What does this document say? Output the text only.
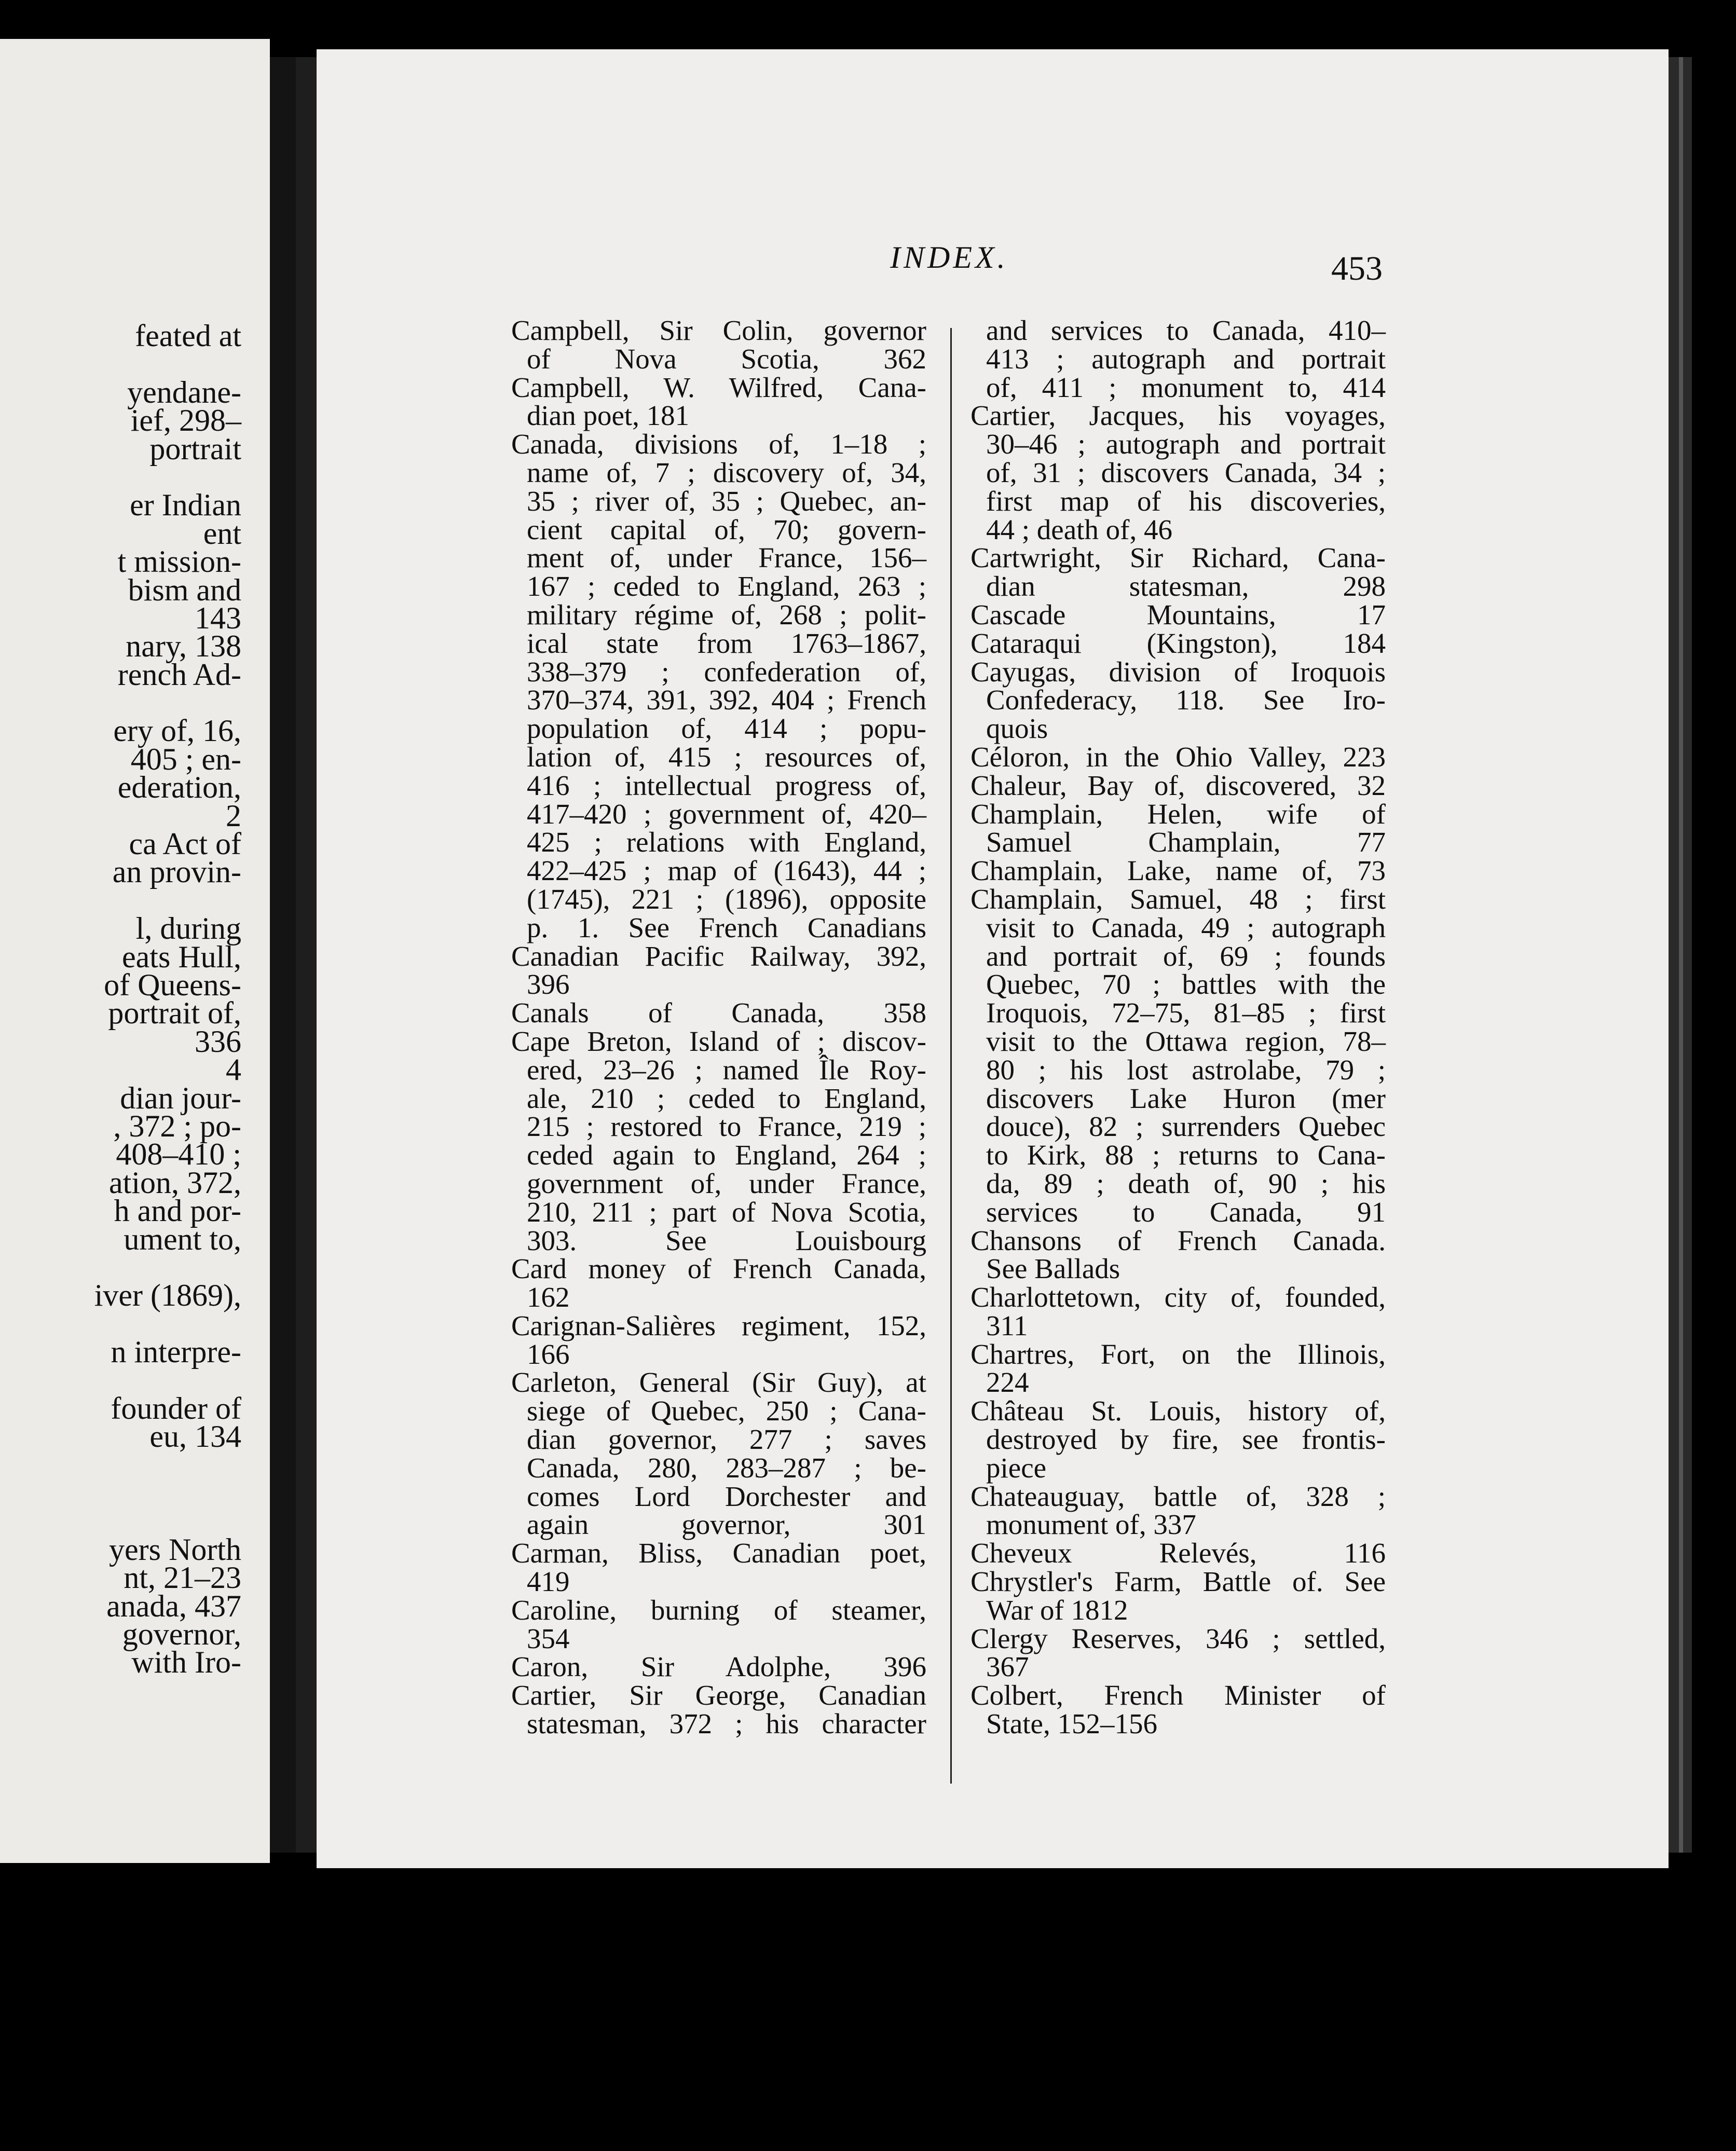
feated at
yendane-
ief, 298–
portrait
er Indian
ent
t mission-
bism and
143
nary, 138
rench Ad-
ery of, 16,
405 ; en-
ederation,
2
ca Act of
an provin-
l, during
eats Hull,
of Queens-
portrait of,
336
4
dian jour-
, 372 ; po-
408–410 ;
ation, 372,
h and por-
ument to,
iver (1869),
n interpre-
founder of
eu, 134
yers North
nt, 21–23
anada, 437
governor,
with Iro-
INDEX.	453
Campbell, Sir Colin, governor
of Nova Scotia, 362
Campbell, W. Wilfred, Cana-
dian poet, 181
Canada, divisions of, 1–18 ;
name of, 7 ; discovery of, 34,
35 ; river of, 35 ; Quebec, an-
cient capital of, 70; govern-
ment of, under France, 156–
167 ; ceded to England, 263 ;
military régime of, 268 ; polit-
ical state from 1763–1867,
338–379 ; confederation of,
370–374, 391, 392, 404 ; French
population of, 414 ; popu-
lation of, 415 ; resources of,
416 ; intellectual progress of,
417–420 ; government of, 420–
425 ; relations with England,
422–425 ; map of (1643), 44 ;
(1745), 221 ; (1896), opposite
p. 1. See French Canadians
Canadian Pacific Railway, 392,
396
Canals of Canada, 358
Cape Breton, Island of ; discov-
ered, 23–26 ; named Île Roy-
ale, 210 ; ceded to England,
215 ; restored to France, 219 ;
ceded again to England, 264 ;
government of, under France,
210, 211 ; part of Nova Scotia,
303. See Louisbourg
Card money of French Canada,
162
Carignan-Salières regiment, 152,
166
Carleton, General (Sir Guy), at
siege of Quebec, 250 ; Cana-
dian governor, 277 ; saves
Canada, 280, 283–287 ; be-
comes Lord Dorchester and
again governor, 301
Carman, Bliss, Canadian poet,
419
Caroline, burning of steamer,
354
Caron, Sir Adolphe, 396
Cartier, Sir George, Canadian
statesman, 372 ; his character
and services to Canada, 410–
413 ; autograph and portrait
of, 411 ; monument to, 414
Cartier, Jacques, his voyages,
30–46 ; autograph and portrait
of, 31 ; discovers Canada, 34 ;
first map of his discoveries,
44 ; death of, 46
Cartwright, Sir Richard, Cana-
dian statesman, 298
Cascade Mountains, 17
Cataraqui (Kingston), 184
Cayugas, division of Iroquois
Confederacy, 118. See Iro-
quois
Céloron, in the Ohio Valley, 223
Chaleur, Bay of, discovered, 32
Champlain, Helen, wife of
Samuel Champlain, 77
Champlain, Lake, name of, 73
Champlain, Samuel, 48 ; first
visit to Canada, 49 ; autograph
and portrait of, 69 ; founds
Quebec, 70 ; battles with the
Iroquois, 72–75, 81–85 ; first
visit to the Ottawa region, 78–
80 ; his lost astrolabe, 79 ;
discovers Lake Huron (mer
douce), 82 ; surrenders Quebec
to Kirk, 88 ; returns to Cana-
da, 89 ; death of, 90 ; his
services to Canada, 91
Chansons of French Canada.
See Ballads
Charlottetown, city of, founded,
311
Chartres, Fort, on the Illinois,
224
Château St. Louis, history of,
destroyed by fire, see frontis-
piece
Chateauguay, battle of, 328 ;
monument of, 337
Cheveux Relevés, 116
Chrystler's Farm, Battle of. See
War of 1812
Clergy Reserves, 346 ; settled,
367
Colbert, French Minister of
State, 152–156
